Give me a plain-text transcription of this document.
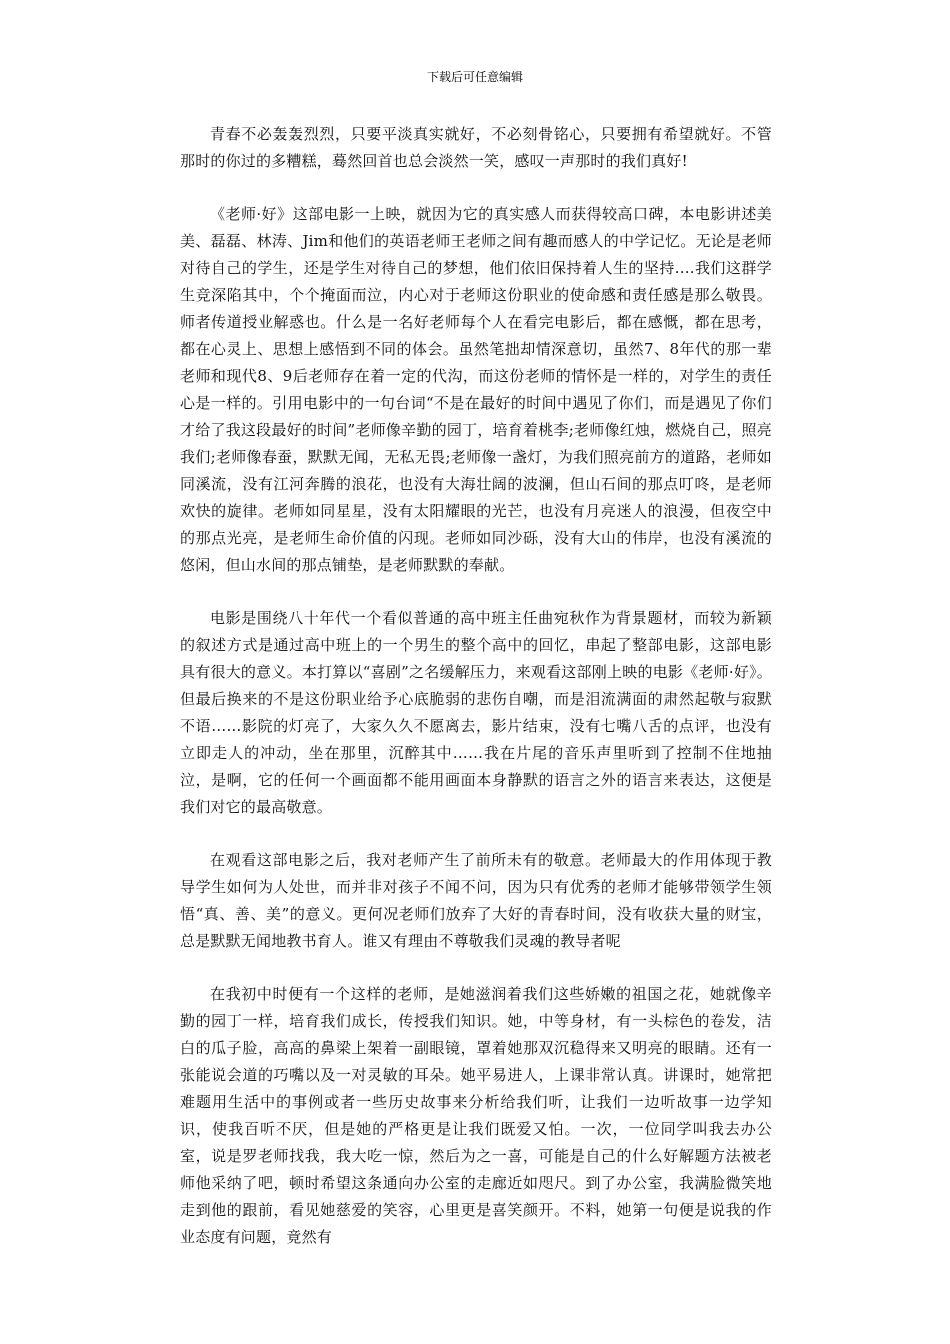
下载后可任意编辑

青春不必轰轰烈烈，只要平淡真实就好，不必刻骨铭心，只要拥有希望就好。不管那时的你过的多糟糕，蓦然回首也总会淡然一笑，感叹一声那时的我们真好!

《老师·好》这部电影一上映，就因为它的真实感人而获得较高口碑，本电影讲述美美、磊磊、林涛、Jim和他们的英语老师王老师之间有趣而感人的中学记忆。无论是老师对待自己的学生，还是学生对待自己的梦想，他们依旧保持着人生的坚持....我们这群学生竞深陷其中，个个掩面而泣，内心对于老师这份职业的使命感和责任感是那么敬畏。师者传道授业解惑也。什么是一名好老师每个人在看完电影后，都在感慨，都在思考，都在心灵上、思想上感悟到不同的体会。虽然笔拙却情深意切，虽然7、8年代的那一辈老师和现代8、9后老师存在着一定的代沟，而这份老师的情怀是一样的，对学生的责任心是一样的。引用电影中的一句台词“不是在最好的时间中遇见了你们，而是遇见了你们才给了我这段最好的时间”老师像辛勤的园丁，培育着桃李;老师像红烛，燃烧自己，照亮我们;老师像春蚕，默默无闻，无私无畏;老师像一盏灯，为我们照亮前方的道路，老师如同溪流，没有江河奔腾的浪花，也没有大海壮阔的波澜，但山石间的那点叮咚，是老师欢快的旋律。老师如同星星，没有太阳耀眼的光芒，也没有月亮迷人的浪漫，但夜空中的那点光亮，是老师生命价值的闪现。老师如同沙砾，没有大山的伟岸，也没有溪流的悠闲，但山水间的那点铺垫，是老师默默的奉献。

电影是围绕八十年代一个看似普通的高中班主任曲宛秋作为背景题材，而较为新颖的叙述方式是通过高中班上的一个男生的整个高中的回忆，串起了整部电影，这部电影具有很大的意义。本打算以“喜剧”之名缓解压力，来观看这部刚上映的电影《老师·好》。但最后换来的不是这份职业给予心底脆弱的悲伤自嘲，而是泪流满面的肃然起敬与寂默不语……影院的灯亮了，大家久久不愿离去，影片结束，没有七嘴八舌的点评，也没有立即走人的冲动，坐在那里，沉醉其中……我在片尾的音乐声里听到了控制不住地抽泣，是啊，它的任何一个画面都不能用画面本身静默的语言之外的语言来表达，这便是我们对它的最高敬意。

在观看这部电影之后，我对老师产生了前所未有的敬意。老师最大的作用体现于教导学生如何为人处世，而并非对孩子不闻不问，因为只有优秀的老师才能够带领学生领悟“真、善、美”的意义。更何况老师们放弃了大好的青春时间，没有收获大量的财宝，总是默默无闻地教书育人。谁又有理由不尊敬我们灵魂的教导者呢

在我初中时便有一个这样的老师，是她滋润着我们这些娇嫩的祖国之花，她就像辛勤的园丁一样，培育我们成长，传授我们知识。她，中等身材，有一头棕色的卷发，洁白的瓜子脸，高高的鼻梁上架着一副眼镜，罩着她那双沉稳得来又明亮的眼睛。还有一张能说会道的巧嘴以及一对灵敏的耳朵。她平易进人，上课非常认真。讲课时，她常把难题用生活中的事例或者一些历史故事来分析给我们听，让我们一边听故事一边学知识，使我百听不厌，但是她的严格更是让我们既爱又怕。一次，一位同学叫我去办公室，说是罗老师找我，我大吃一惊，然后为之一喜，可能是自己的什么好解题方法被老师他采纳了吧，顿时希望这条通向办公室的走廊近如咫尺。到了办公室，我满脸微笑地走到他的跟前，看见她慈爱的笑容，心里更是喜笑颜开。不料，她第一句便是说我的作业态度有问题，竟然有
